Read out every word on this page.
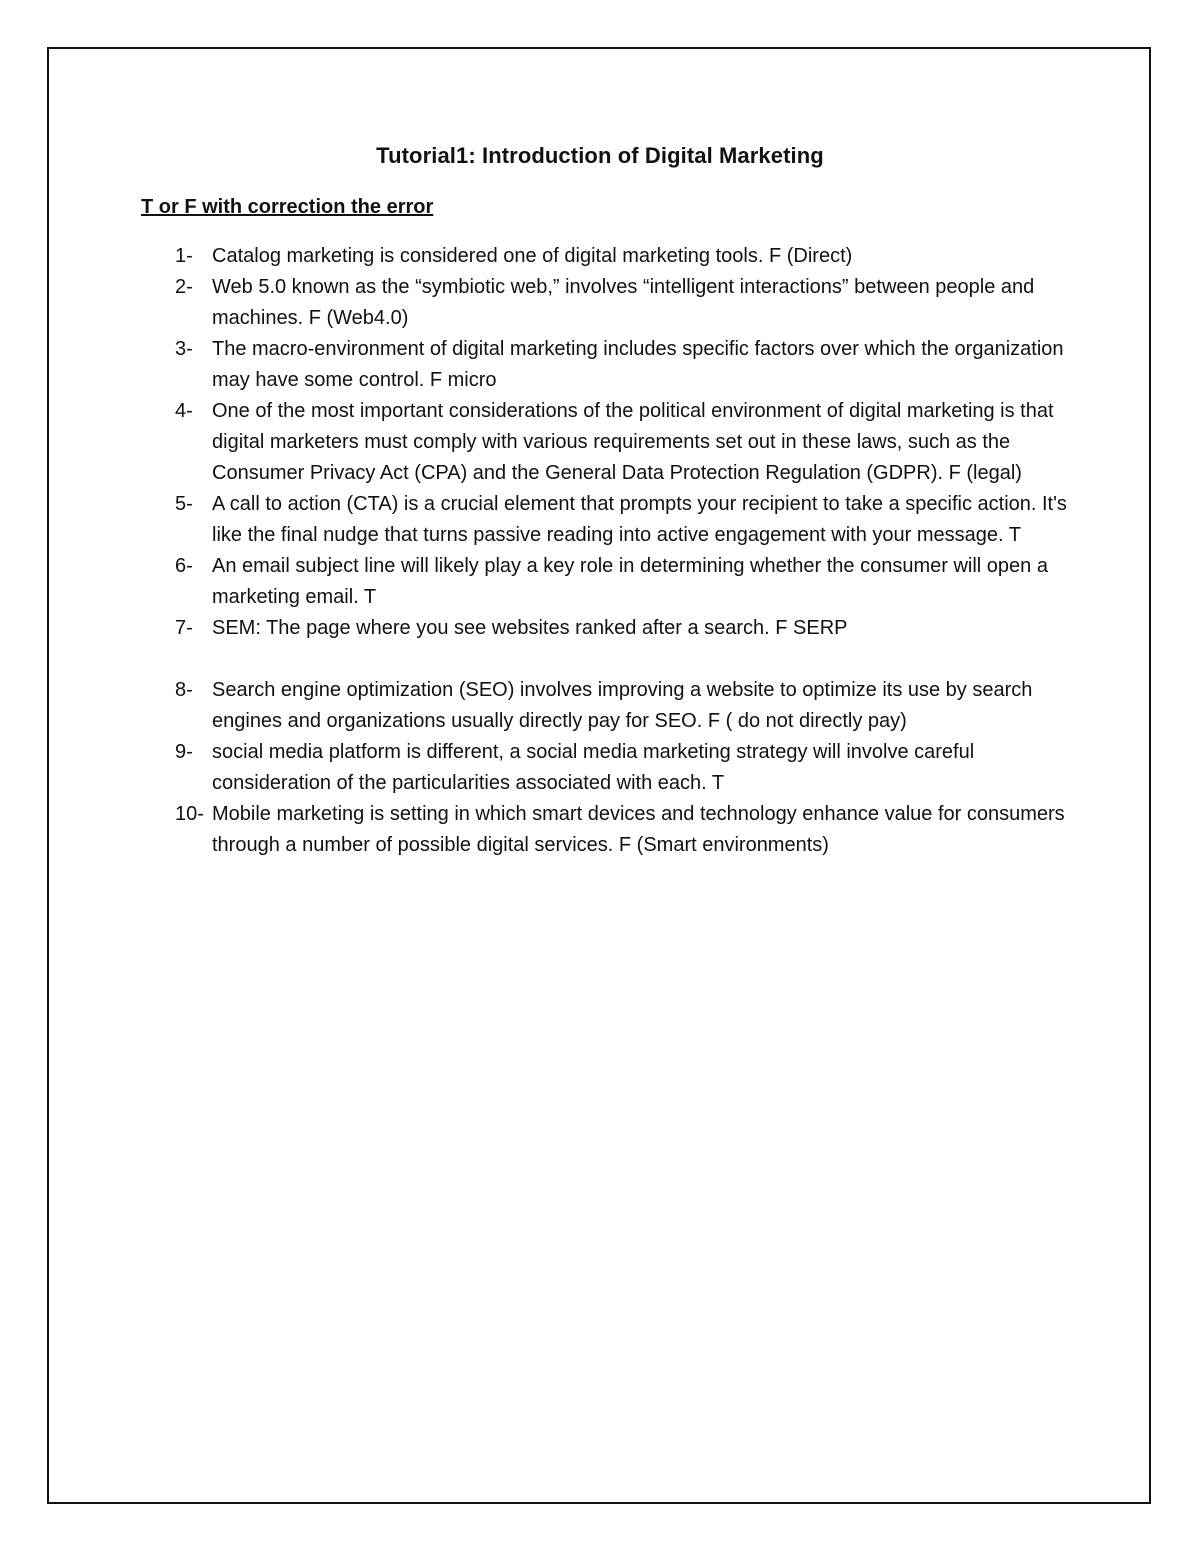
Tutorial1: Introduction of Digital Marketing
T or F with correction the error
1- Catalog marketing is considered one of digital marketing tools. F (Direct)
2- Web 5.0 known as the “symbiotic web,” involves “intelligent interactions” between people and machines. F (Web4.0)
3- The macro-environment of digital marketing includes specific factors over which the organization may have some control. F micro
4- One of the most important considerations of the political environment of digital marketing is that digital marketers must comply with various requirements set out in these laws, such as the Consumer Privacy Act (CPA) and the General Data Protection Regulation (GDPR). F (legal)
5- A call to action (CTA) is a crucial element that prompts your recipient to take a specific action. It's like the final nudge that turns passive reading into active engagement with your message. T
6- An email subject line will likely play a key role in determining whether the consumer will open a marketing email. T
7- SEM: The page where you see websites ranked after a search. F SERP
8- Search engine optimization (SEO) involves improving a website to optimize its use by search engines and organizations usually directly pay for SEO. F ( do not directly pay)
9- social media platform is different, a social media marketing strategy will involve careful consideration of the particularities associated with each. T
10- Mobile marketing is setting in which smart devices and technology enhance value for consumers through a number of possible digital services. F (Smart environments)
